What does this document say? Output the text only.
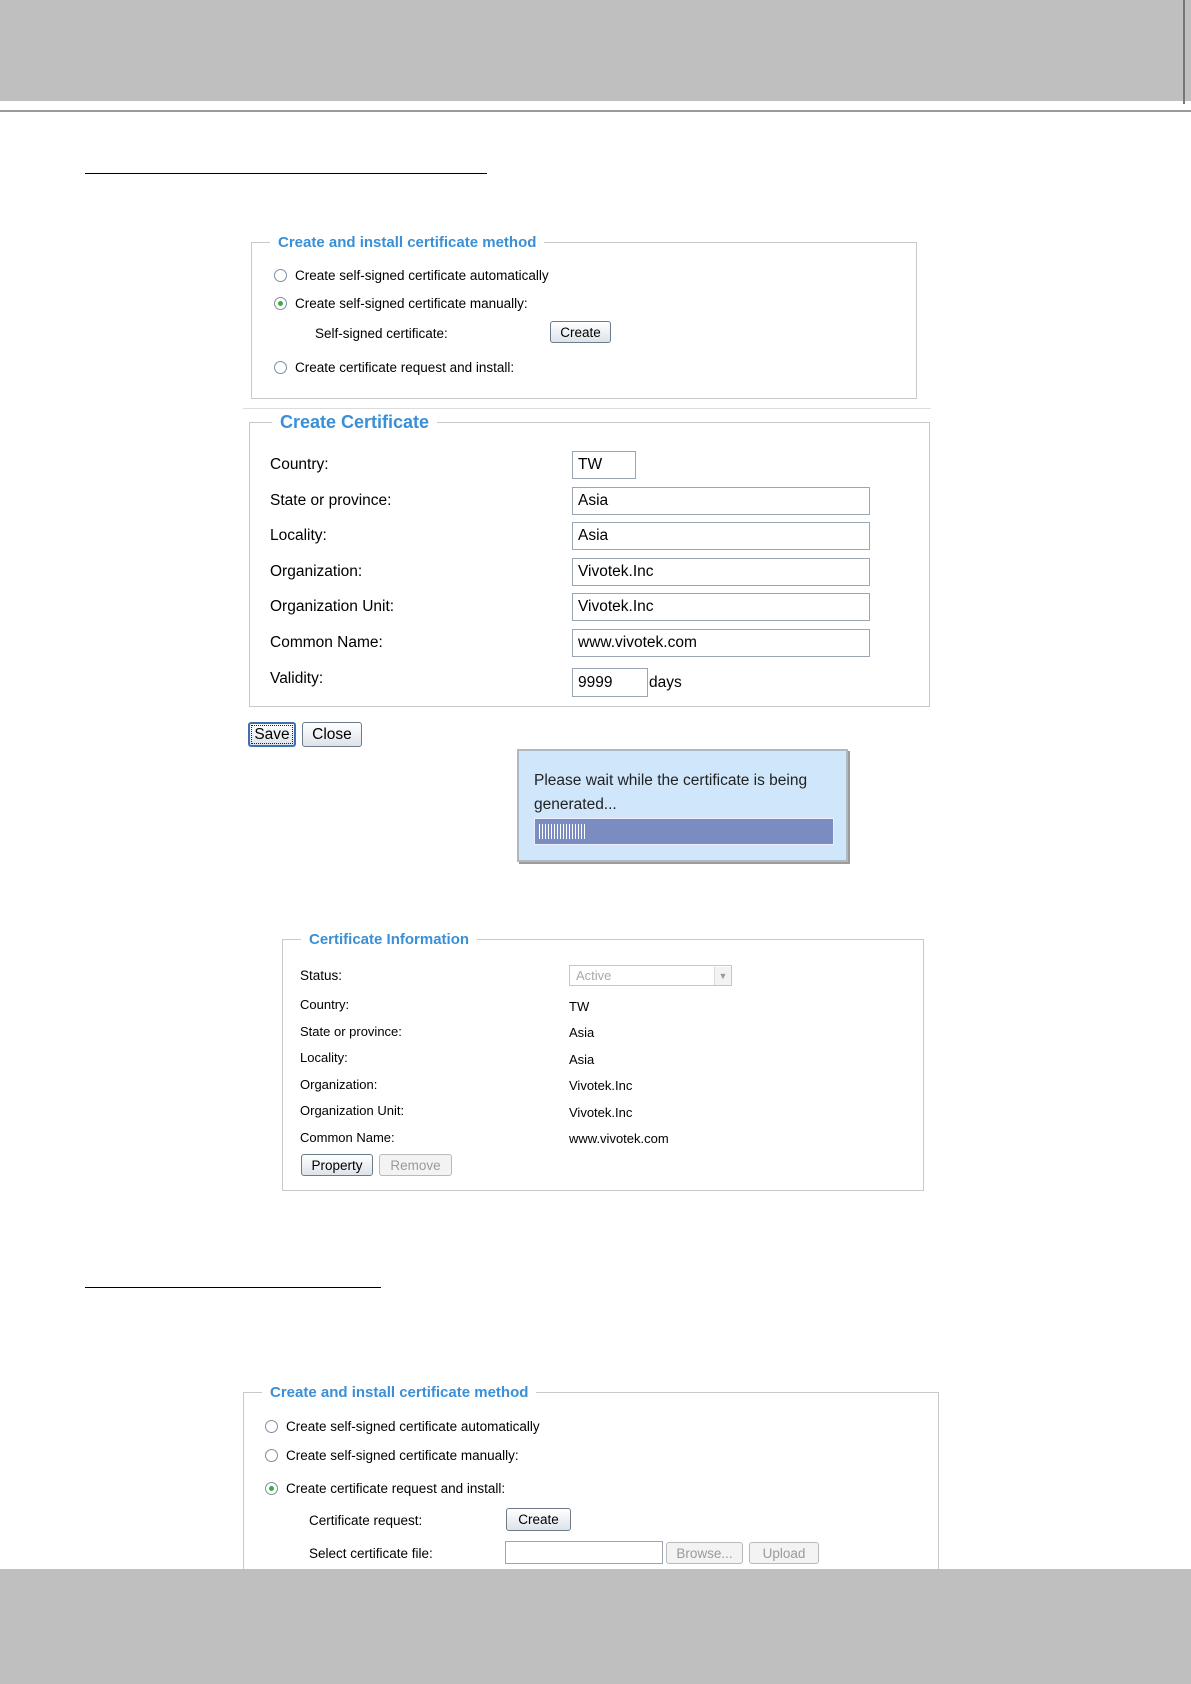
Create and install certificate method
Create self-signed certificate automatically
Create self-signed certificate manually:
Self-signed certificate:	Create
Create certificate request and install:
Create Certificate
Country:	TW
State or province:	Asia
Locality:	Asia
Organization:	Vivotek.Inc
Organization Unit:	Vivotek.Inc
Common Name:	www.vivotek.com
Validity:	9999	days
Save	Close
Please wait while the certificate is being generated...
Certificate Information
Status:	Active	▼
Country:	TW
State or province:	Asia
Locality:	Asia
Organization:	Vivotek.Inc
Organization Unit:	Vivotek.Inc
Common Name:	www.vivotek.com
Property	Remove
Create and install certificate method
Create self-signed certificate automatically
Create self-signed certificate manually:
Create certificate request and install:
Certificate request:	Create
Select certificate file:	Browse...	Upload
